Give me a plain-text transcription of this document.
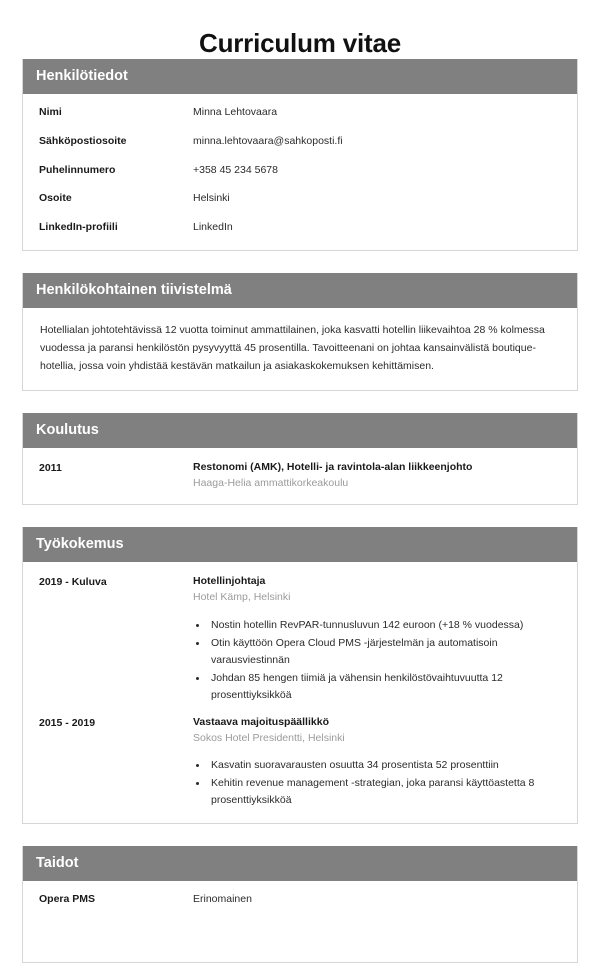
Curriculum vitae
Henkilötiedot
Nimi	Minna Lehtovaara
Sähköpostiosoite	minna.lehtovaara@sahkoposti.fi
Puhelinnumero	+358 45 234 5678
Osoite	Helsinki
LinkedIn-profiili	LinkedIn
Henkilökohtainen tiivistelmä

Hotellialan johtotehtävissä 12 vuotta toiminut ammattilainen, joka kasvatti hotellin liikevaihtoa 28 % kolmessa vuodessa ja paransi henkilöstön pysyvyyttä 45 prosentilla. Tavoitteenani on johtaa kansainvälistä boutique-hotellia, jossa voin yhdistää kestävän matkailun ja asiakaskokemuksen kehittämisen.

Koulutus
2011	Restonomi (AMK), Hotelli- ja ravintola-alan liikkeenjohto
Haaga-Helia ammattikorkeakoulu
Työkokemus
2019 - Kuluva	Hotellinjohtaja
Hotel Kämp, Helsinki
• Nostin hotellin RevPAR-tunnusluvun 142 euroon (+18 % vuodessa)
• Otin käyttöön Opera Cloud PMS -järjestelmän ja automatisoin varausviestinnän
• Johdan 85 hengen tiimiä ja vähensin henkilöstövaihtuvuutta 12 prosenttiyksikköä
2015 - 2019	Vastaava majoituspäällikkö
Sokos Hotel Presidentti, Helsinki
• Kasvatin suoravarausten osuutta 34 prosentista 52 prosenttiin
• Kehitin revenue management -strategian, joka paransi käyttöastetta 8 prosenttiyksikköä
Taidot
Opera PMS	Erinomainen
